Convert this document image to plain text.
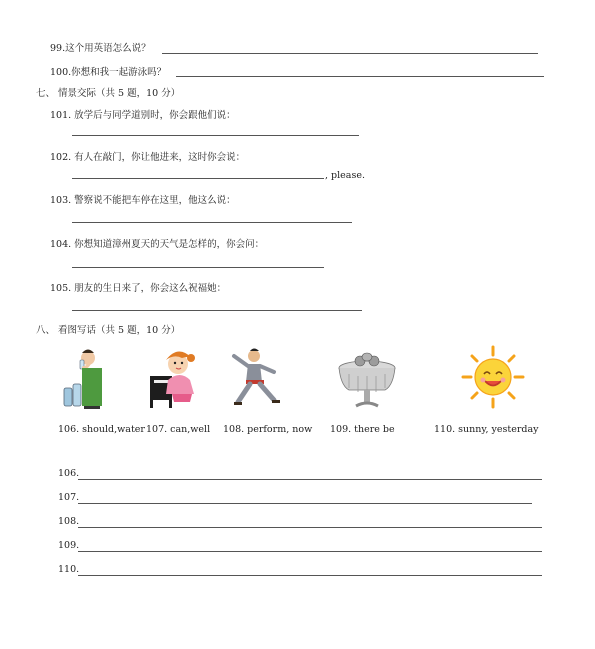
99.这个用英语怎么说？
100.你想和我一起游泳吗？
七、 情景交际（共 5 题，10 分）
101. 放学后与同学道别时，你会跟他们说：
102. 有人在敲门，你让他进来，这时你会说：
, please.
103. 警察说不能把车停在这里，他这么说：
104. 你想知道漳州夏天的天气是怎样的，你会问：
105. 朋友的生日来了，你会这么祝福她：
八、 看图写话（共 5 题，10 分）
106. should,water 107. can,well 108. perform, now 109. there be	110. sunny, yesterday
106.
107.
108.
109.
110.
